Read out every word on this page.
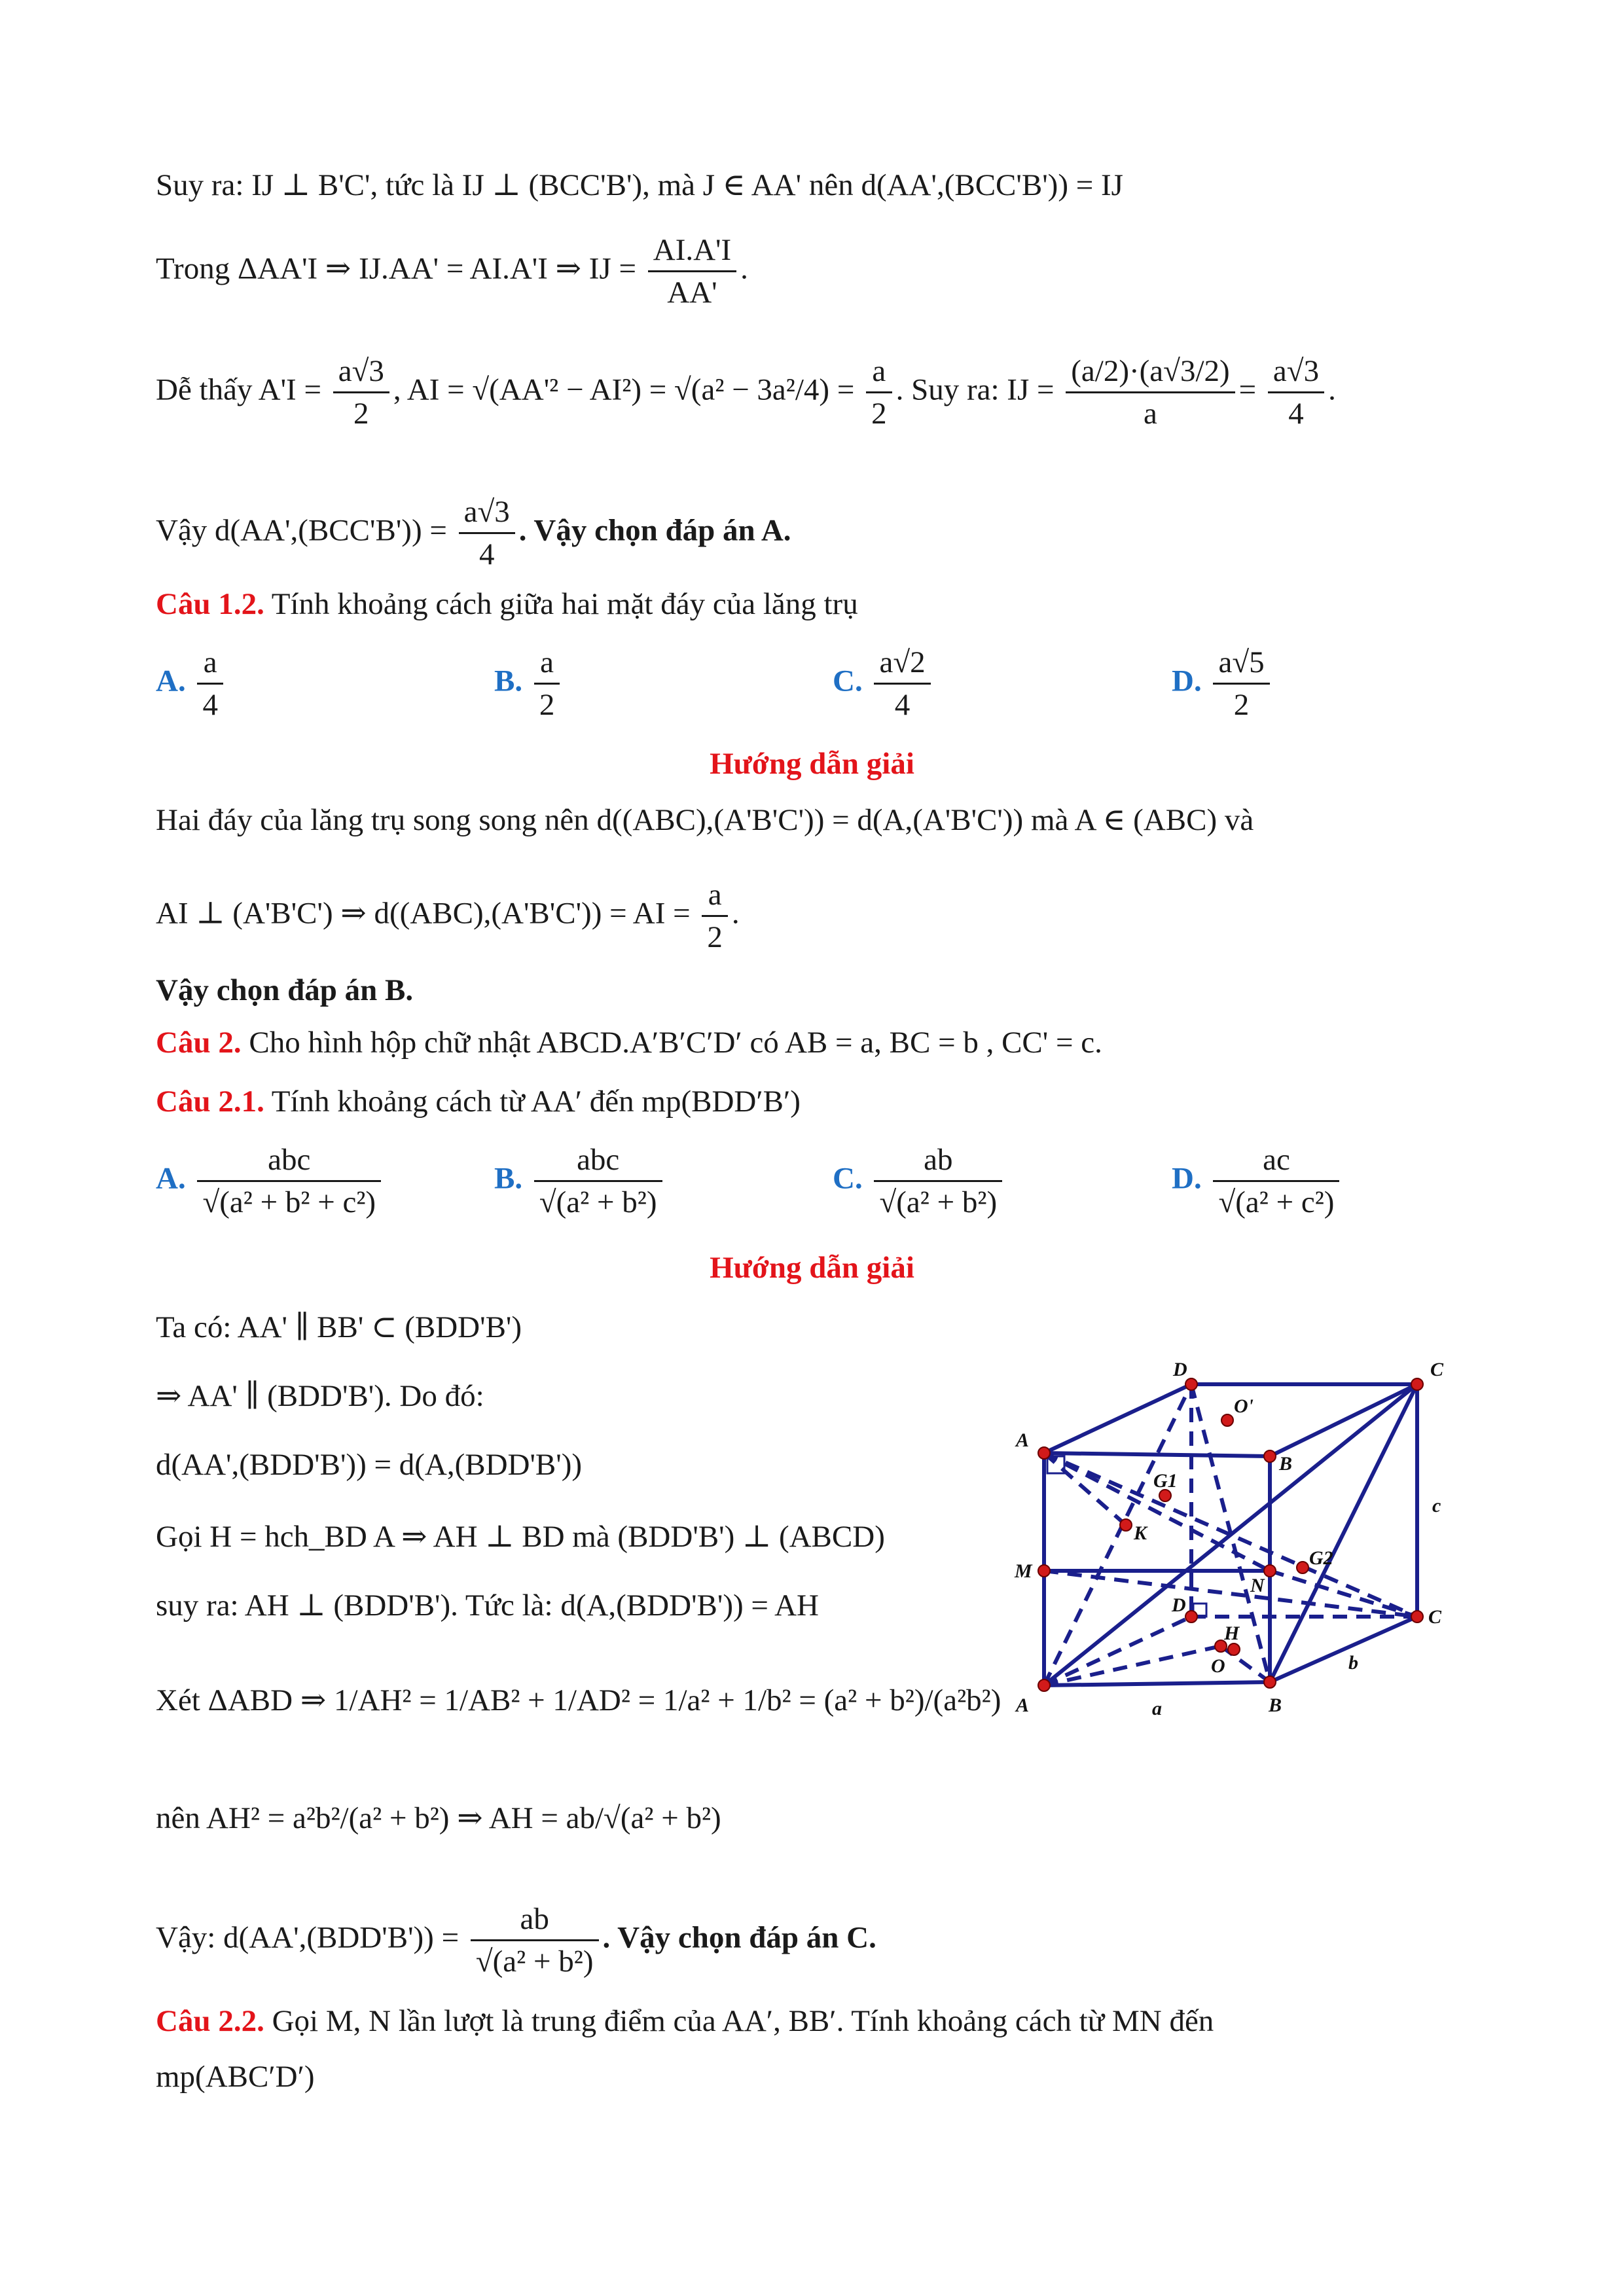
Suy ra: IJ ⊥ B'C', tức là IJ ⊥ (BCC'B'), mà J ∈ AA' nên d(AA',(BCC'B')) = IJ
Trong ΔAA'I ⇒ IJ.AA' = AI.A'I ⇒ IJ = $\frac{AI.A'I}{AA'}$ .
Dễ thấy $A'I = \frac{a√3}{2}$ , AI = $√(AA'^2 - AI^2) = √(a^2 - 3a^2/4) = \frac{a}{2}$ . Suy ra: IJ = $\frac{(a/2)\cdot(a√3/2)}{a} = \frac{a√3}{4}$ .
Vậy $d(AA',(BCC'B')) = \frac{a√3}{4}$ . Vậy chọn đáp án A.
Câu 1.2. Tính khoảng cách giữa hai mặt đáy của lăng trụ
A. $\frac{a}{4}$	B. $\frac{a}{2}$	C. $\frac{a√2}{4}$	D. $\frac{a√5}{2}$
Hướng dẫn giải
Hai đáy của lăng trụ song song nên d((ABC),(A'B'C')) = d(A,(A'B'C')) mà A ∈ (ABC) và
AI ⊥ (A'B'C') ⇒ d((ABC),(A'B'C')) = AI = $\frac{a}{2}$ .
Vậy chọn đáp án B.
Câu 2. Cho hình hộp chữ nhật ABCD.A′B′C′D′ có AB = a, BC = b , CC' = c.
Câu 2.1. Tính khoảng cách từ AA′ đến mp(BDD′B′)
A. $\frac{\text{abc}}{\text{√(a² + b² + c²)}}$	B. $\frac{\text{abc}}{\text{√(a² + b²)}}$	C. $\frac{ab}{\text{√(a² + b²)}}$	D. $\frac{ac}{\text{√(a² + c²)}}$
Hướng dẫn giải
Ta có: AA' ∥ BB' ⊂ (BDD'B')
⇒ AA' ∥ (BDD'B'). Do đó:
d(AA',(BDD'B')) = d(A,(BDD'B'))
Gọi H = hch_BD A ⇒ AH ⊥ BD mà (BDD'B') ⊥ (ABCD)
suy ra: AH ⊥ (BDD'B'). Tức là: d(A,(BDD'B')) = AH
Xét ΔABD ⇒ 1/AH² = 1/AB² + 1/AD² = 1/a² + 1/b² = (a² + b²)/(a²b²)
nên AH² = a²b²/(a² + b²) ⇒ AH = ab/√(a² + b²)
Vậy: $d(AA',(BDD'B')) = \frac{ab}{\text{√(a² + b²)}}$ . Vậy chọn đáp án C.
Câu 2.2. Gọi M, N lần lượt là trung điểm của AA′, BB′. Tính khoảng cách từ MN đến
mp(ABC′D′)
D	C
O'
A
B
G1
c
K
G2
M
N
D
C
H
O	b
A	a	B
